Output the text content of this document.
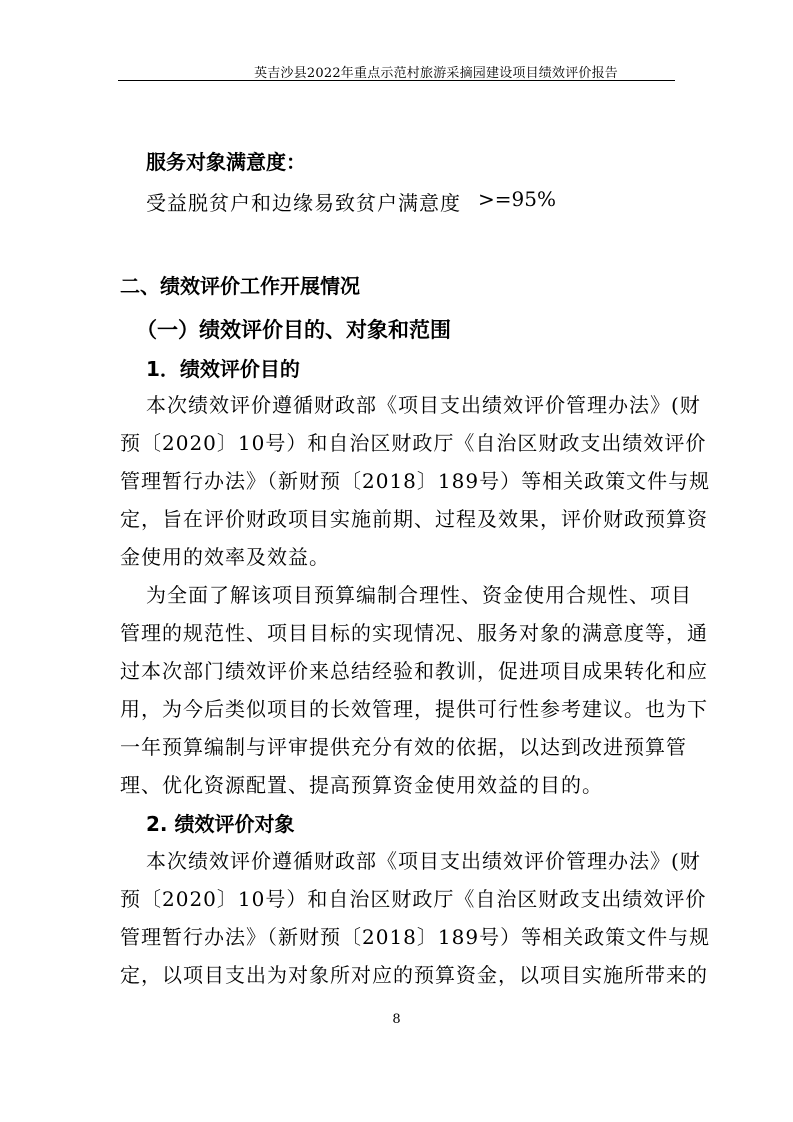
英吉沙县2022年重点示范村旅游采摘园建设项目绩效评价报告
服务对象满意度：
受益脱贫户和边缘易致贫户满意度 >=95%
二、绩效评价工作开展情况
（一）绩效评价目的、对象和范围
1．绩效评价目的
本次绩效评价遵循财政部《项目支出绩效评价管理办法》(财
预〔2020〕10号）和自治区财政厅《自治区财政支出绩效评价
管理暂行办法》（新财预〔2018〕189号）等相关政策文件与规
定，旨在评价财政项目实施前期、过程及效果，评价财政预算资
金使用的效率及效益。
为全面了解该项目预算编制合理性、资金使用合规性、项目
管理的规范性、项目目标的实现情况、服务对象的满意度等，通
过本次部门绩效评价来总结经验和教训，促进项目成果转化和应
用，为今后类似项目的长效管理，提供可行性参考建议。也为下
一年预算编制与评审提供充分有效的依据，以达到改进预算管
理、优化资源配置、提高预算资金使用效益的目的。
2. 绩效评价对象
本次绩效评价遵循财政部《项目支出绩效评价管理办法》(财
预〔2020〕10号）和自治区财政厅《自治区财政支出绩效评价
管理暂行办法》（新财预〔2018〕189号）等相关政策文件与规
定，以项目支出为对象所对应的预算资金，以项目实施所带来的
8
